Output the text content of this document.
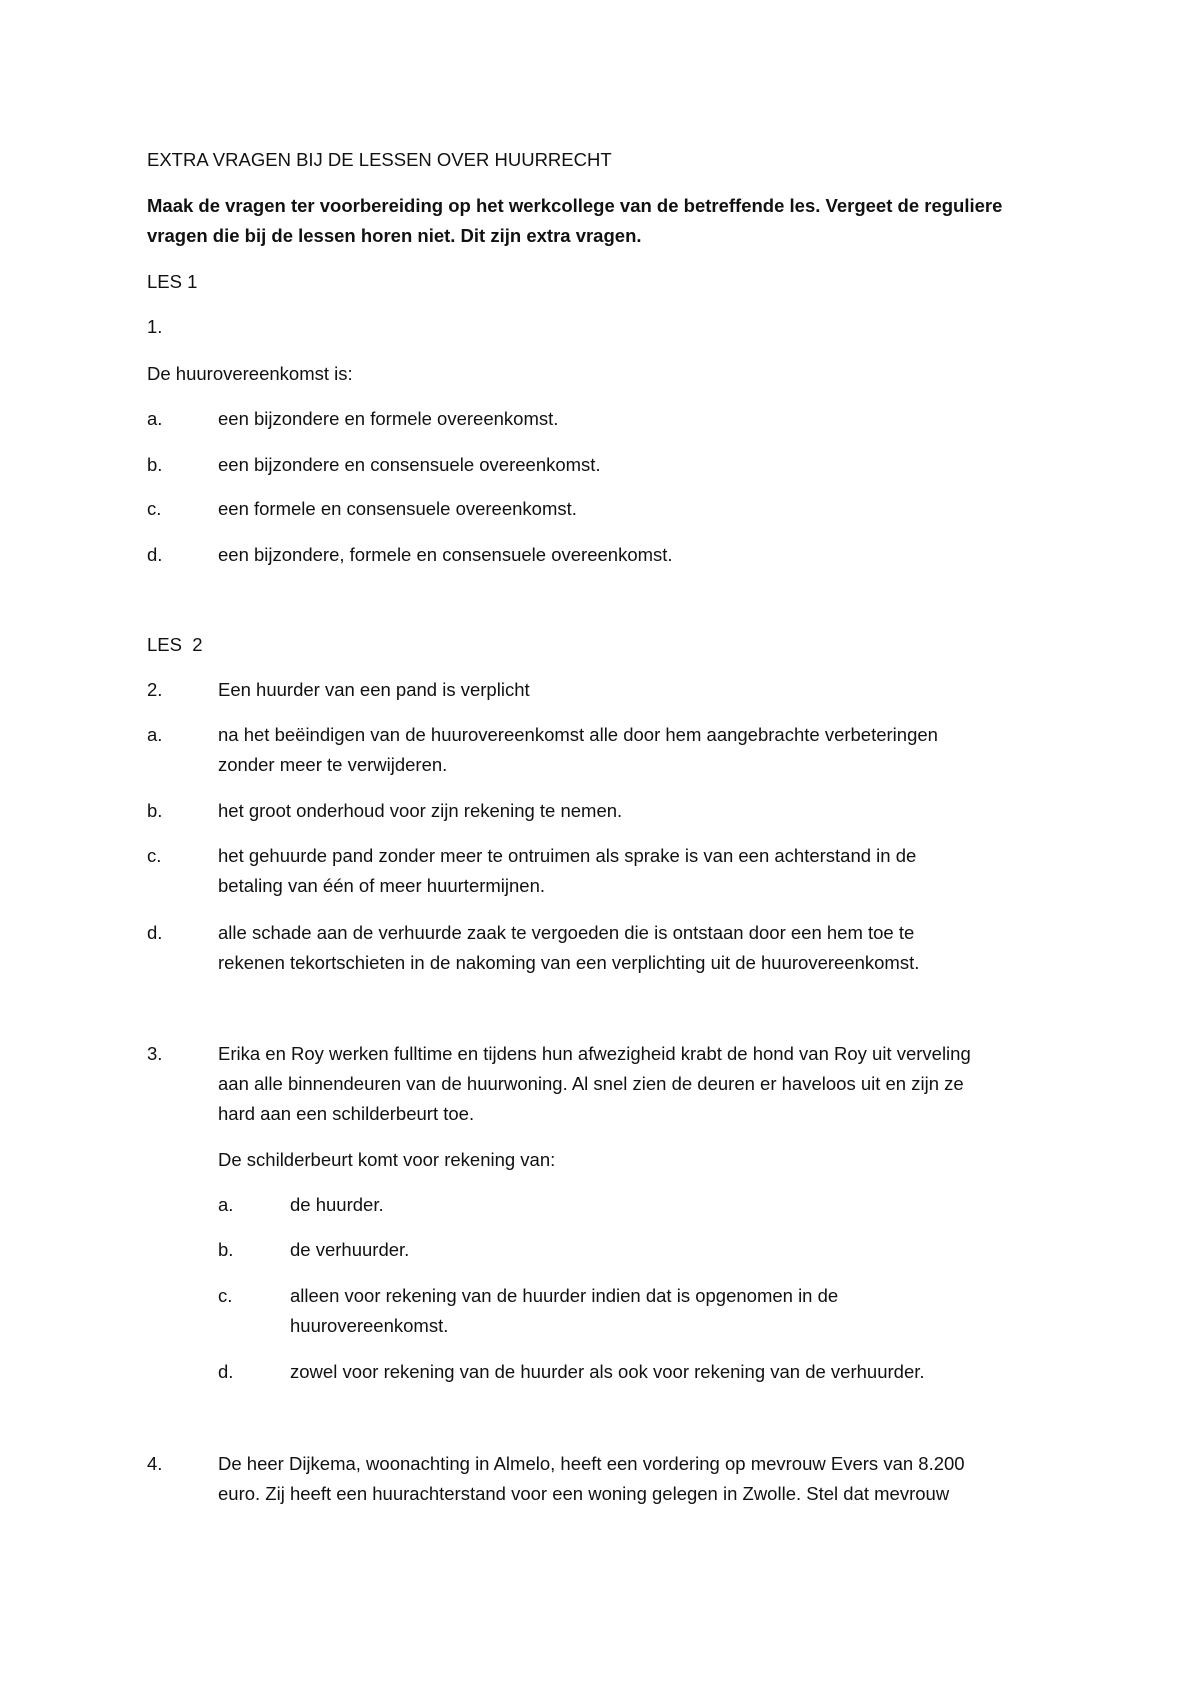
EXTRA VRAGEN BIJ DE LESSEN OVER HUURRECHT
Maak de vragen ter voorbereiding op het werkcollege van de betreffende les. Vergeet de reguliere
vragen die bij de lessen horen niet. Dit zijn extra vragen.
LES 1
1.
De huurovereenkomst is:
a.	een bijzondere en formele overeenkomst.
b.	een bijzondere en consensuele overeenkomst.
c.	een formele en consensuele overeenkomst.
d.	een bijzondere, formele en consensuele overeenkomst.
LES  2
2.	Een huurder van een pand is verplicht
a.	na het beëindigen van de huurovereenkomst alle door hem aangebrachte verbeteringen
zonder meer te verwijderen.
b.	het groot onderhoud voor zijn rekening te nemen.
c.	het gehuurde pand zonder meer te ontruimen als sprake is van een achterstand in de
betaling van één of meer huurtermijnen.
d.	alle schade aan de verhuurde zaak te vergoeden die is ontstaan door een hem toe te
rekenen tekortschieten in de nakoming van een verplichting uit de huurovereenkomst.
3.	Erika en Roy werken fulltime en tijdens hun afwezigheid krabt de hond van Roy uit verveling
aan alle binnendeuren van de huurwoning. Al snel zien de deuren er haveloos uit en zijn ze
hard aan een schilderbeurt toe.
De schilderbeurt komt voor rekening van:
a.	de huurder.
b.	de verhuurder.
c.	alleen voor rekening van de huurder indien dat is opgenomen in de
huurovereenkomst.
d.	zowel voor rekening van de huurder als ook voor rekening van de verhuurder.
4.	De heer Dijkema, woonachting in Almelo, heeft een vordering op mevrouw Evers van 8.200
euro. Zij heeft een huurachterstand voor een woning gelegen in Zwolle. Stel dat mevrouw
